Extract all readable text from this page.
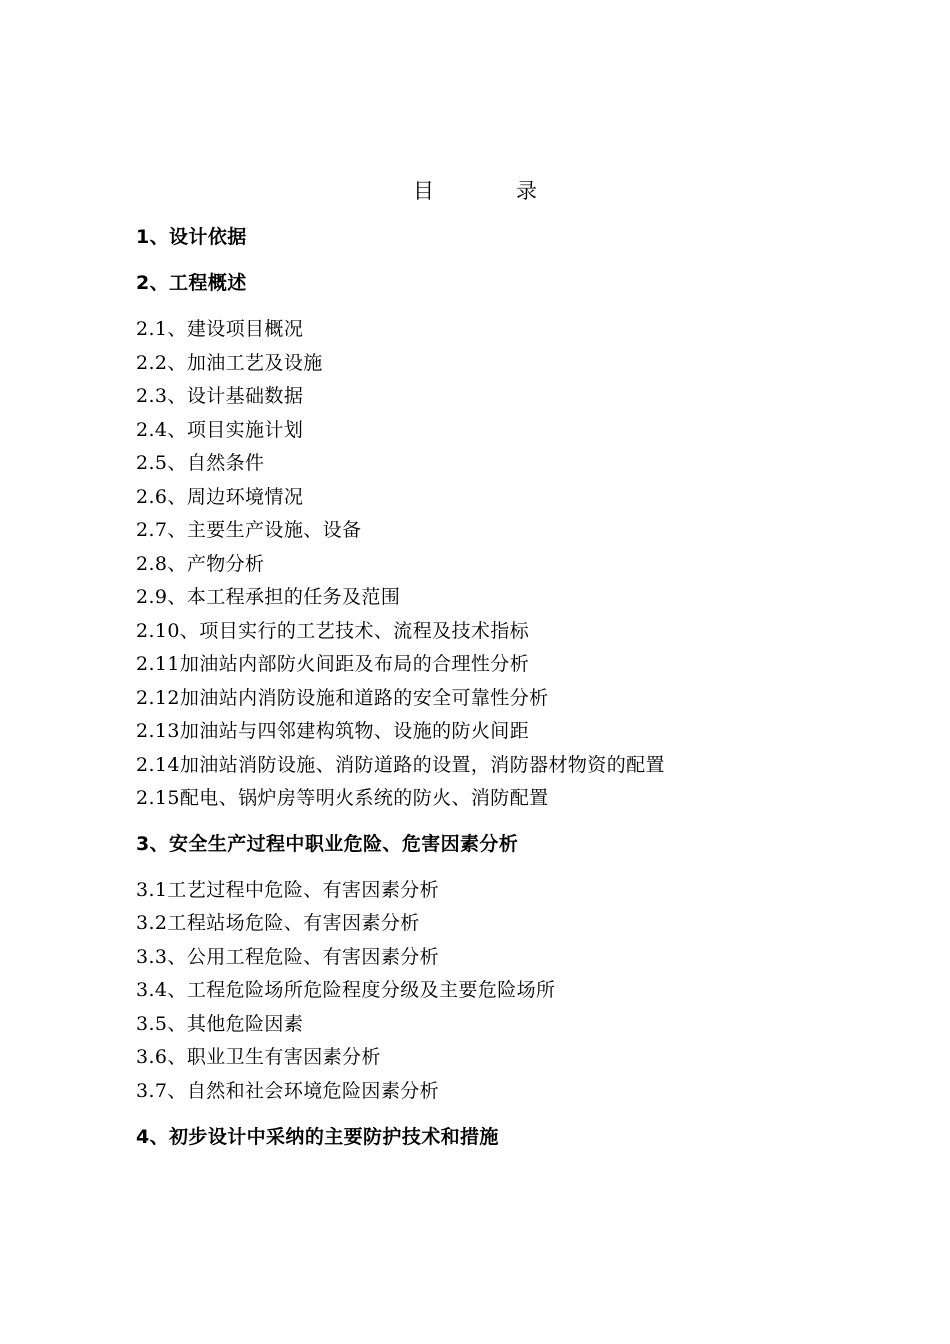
目	录
1、设计依据
2、工程概述
2.1、建设项目概况
2.2、加油工艺及设施
2.3、设计基础数据
2.4、项目实施计划
2.5、自然条件
2.6、周边环境情况
2.7、主要生产设施、设备
2.8、产物分析
2.9、本工程承担的任务及范围
2.10、项目实行的工艺技术、流程及技术指标
2.11加油站内部防火间距及布局的合理性分析
2.12加油站内消防设施和道路的安全可靠性分析
2.13加油站与四邻建构筑物、设施的防火间距
2.14加油站消防设施、消防道路的设置，消防器材物资的配置
2.15配电、锅炉房等明火系统的防火、消防配置
3、安全生产过程中职业危险、危害因素分析
3.1工艺过程中危险、有害因素分析
3.2工程站场危险、有害因素分析
3.3、公用工程危险、有害因素分析
3.4、工程危险场所危险程度分级及主要危险场所
3.5、其他危险因素
3.6、职业卫生有害因素分析
3.7、自然和社会环境危险因素分析
4、初步设计中采纳的主要防护技术和措施
